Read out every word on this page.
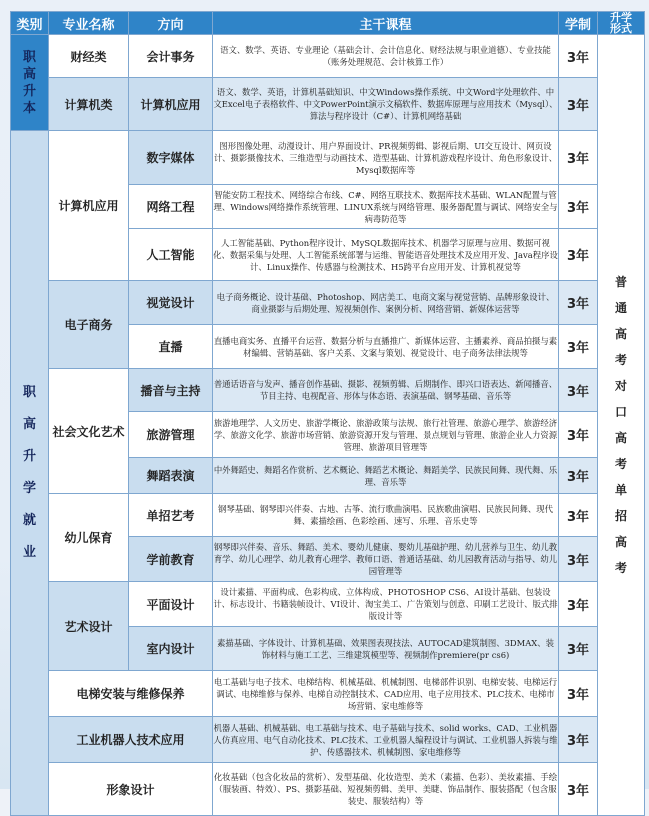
类别	专业名称	方向	主干课程	学制	升学形式
职高升本	财经类	会计事务	语文、数学、英语、专业理论（基础会计、会计信息化、财经法规与职业道德）、专业技能（账务处理规范、会计核算工作）	3年	普通高考对口高考单招高考
	计算机类	计算机应用	语文、数学、英语，计算机基础知识、中文Windows操作系统、中文Word字处理软件、中文Excel电子表格软件、中文PowerPoint演示文稿软件、数据库原理与应用技术（Mysql）、算法与程序设计（C#）、计算机网络基础	3年	
职高升学就业	计算机应用	数字媒体	图形图像处理、动漫设计、用户界面设计、PR视频剪辑、影视后期、UI交互设计、网页设计、摄影摄像技术、三维造型与动画技术、造型基础、计算机游戏程序设计、角色形象设计、Mysql数据库等	3年	
		网络工程	智能安防工程技术、网络综合布线、C#、网络互联技术、数据库技术基础、WLAN配置与管理、Windows网络操作系统管理、LINUX系统与网络管理、服务器配置与调试、网络安全与病毒防范等	3年	
		人工智能	人工智能基础、Python程序设计、MySQL数据库技术、机器学习原理与应用、数据可视化、数据采集与处理、人工智能系统部署与运维、智能语音处理技术及应用开发、Java程序设计、Linux操作、传感器与检测技术、H5跨平台应用开发、计算机视觉等	3年	
	电子商务	视觉设计	电子商务概论、设计基础、Photoshop、网店美工、电商文案与视觉营销、品牌形象设计、商业摄影与后期处理、短视频创作、案例分析、网络营销、新媒体运营等	3年	
		直播	直播电商实务、直播平台运营、数据分析与直播推广、新媒体运营、主播素养、商品拍摄与素材编辑、营销基础、客户关系、文案与策划、视觉设计、电子商务法律法规等	3年	
	社会文化艺术	播音与主持	普通话语音与发声、播音创作基础、摄影、视频剪辑、后期制作、即兴口语表达、新闻播音、节目主持、电视配音、形体与体态语、表演基础、钢琴基础、音乐等	3年	
		旅游管理	旅游地理学、人文历史、旅游学概论、旅游政策与法规、旅行社管理、旅游心理学、旅游经济学、旅游文化学、旅游市场营销、旅游资源开发与管理、景点规划与管理、旅游企业人力资源管理、旅游项目管理等	3年	
		舞蹈表演	中外舞蹈史、舞蹈名作赏析、艺术概论、舞蹈艺术概论、舞蹈美学、民族民间舞、现代舞、乐理、音乐等	3年	
	幼儿保育	单招艺考	钢琴基础、钢琴即兴伴奏、古地、古筝、流行歌曲演唱、民族歌曲演唱、民族民间舞、现代舞、素描绘画、色彩绘画、速写、乐理、音乐史等	3年	
		学前教育	钢琴即兴伴奏、音乐、舞蹈、美术、婴幼儿健康、婴幼儿基础护理、幼儿营养与卫生、幼儿教育学、幼儿心理学、幼儿教育心理学、教师口语、普通话基础、幼儿园教育活动与指导、幼儿园管理等	3年	
	艺术设计	平面设计	设计素描、平面构成、色彩构成、立体构成、PHOTOSHOP CS6、AI设计基础、包装设计、标志设计、书籍装帧设计、VI设计、淘宝美工、广告策划与创意、印刷工艺设计、版式排版设计等	3年	
		室内设计	素描基础、字体设计、计算机基础、效果图表现技法、AUTOCAD建筑制图、3DMAX、装饰材料与施工工艺、三维建筑模型等、视频制作premiere(pr cs6)	3年	
	电梯安装与维修保养		电工基础与电子技术、电梯结构、机械基础、机械制图、电梯部件识别、电梯安装、电梯运行调试、电梯维修与保养、电梯自动控制技术、CAD应用、电子应用技术、PLC技术、电梯市场营销、家电维修等	3年	
	工业机器人技术应用		机器人基础、机械基础、电工基础与技术、电子基础与技术、solid works、CAD、工业机器人仿真应用、电气自动化技术、PLC技术、工业机器人编程设计与调试、工业机器人拆装与维护、传感器技术、机械制图、家电维修等	3年	
	形象设计		化妆基础（包含化妆品的赏析）、发型基础、化妆造型、美术（素描、色彩）、美妆素描、手绘（服装画、特效）、PS、摄影基础、短视频剪辑、美甲、美睫、饰品制作、服装搭配（包含服装史、服装结构）等	3年	
